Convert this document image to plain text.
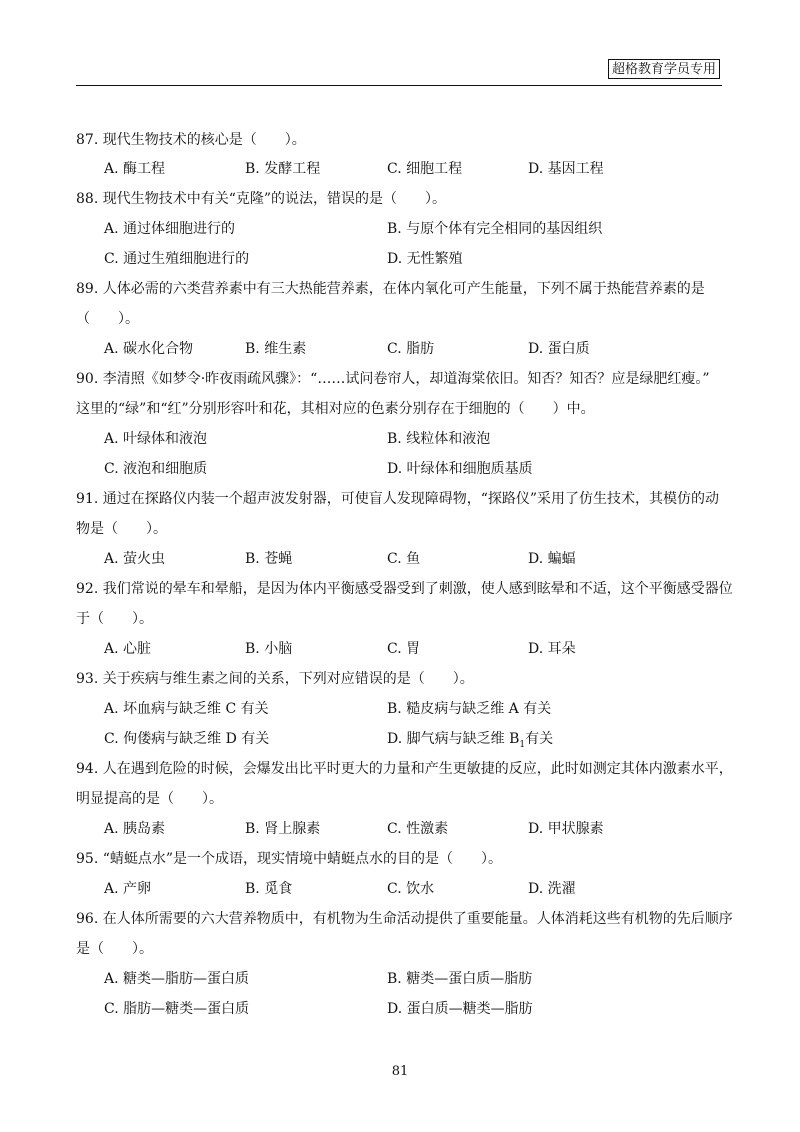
超格教育学员专用
87. 现代生物技术的核心是（　　）。
A. 酶工程	B. 发酵工程	C. 细胞工程	D. 基因工程
88. 现代生物技术中有关“克隆”的说法，错误的是（　　）。
A. 通过体细胞进行的	B. 与原个体有完全相同的基因组织
C. 通过生殖细胞进行的	D. 无性繁殖
89. 人体必需的六类营养素中有三大热能营养素，在体内氧化可产生能量，下列不属于热能营养素的是
（　　）。
A. 碳水化合物	B. 维生素	C. 脂肪	D. 蛋白质
90. 李清照《如梦令·昨夜雨疏风骤》：“……试问卷帘人，却道海棠依旧。知否？知否？应是绿肥红瘦。”
这里的“绿”和“红”分别形容叶和花，其相对应的色素分别存在于细胞的（　　）中。
A. 叶绿体和液泡	B. 线粒体和液泡
C. 液泡和细胞质	D. 叶绿体和细胞质基质
91. 通过在探路仪内装一个超声波发射器，可使盲人发现障碍物，“探路仪”采用了仿生技术，其模仿的动
物是（　　）。
A. 萤火虫	B. 苍蝇	C. 鱼	D. 蝙蝠
92. 我们常说的晕车和晕船，是因为体内平衡感受器受到了刺激，使人感到眩晕和不适，这个平衡感受器位
于（　　）。
A. 心脏	B. 小脑	C. 胃	D. 耳朵
93. 关于疾病与维生素之间的关系，下列对应错误的是（　　）。
A. 坏血病与缺乏维 C 有关	B. 糙皮病与缺乏维 A 有关
C. 佝偻病与缺乏维 D 有关	D. 脚气病与缺乏维 $B_1$有关
94. 人在遇到危险的时候，会爆发出比平时更大的力量和产生更敏捷的反应，此时如测定其体内激素水平，
明显提高的是（　　）。
A. 胰岛素	B. 肾上腺素	C. 性激素	D. 甲状腺素
95. “蜻蜓点水”是一个成语，现实情境中蜻蜓点水的目的是（　　）。
A. 产卵	B. 觅食	C. 饮水	D. 洗濯
96. 在人体所需要的六大营养物质中，有机物为生命活动提供了重要能量。人体消耗这些有机物的先后顺序
是（　　）。
A. 糖类—脂肪—蛋白质	B. 糖类—蛋白质—脂肪
C. 脂肪—糖类—蛋白质	D. 蛋白质—糖类—脂肪
81
